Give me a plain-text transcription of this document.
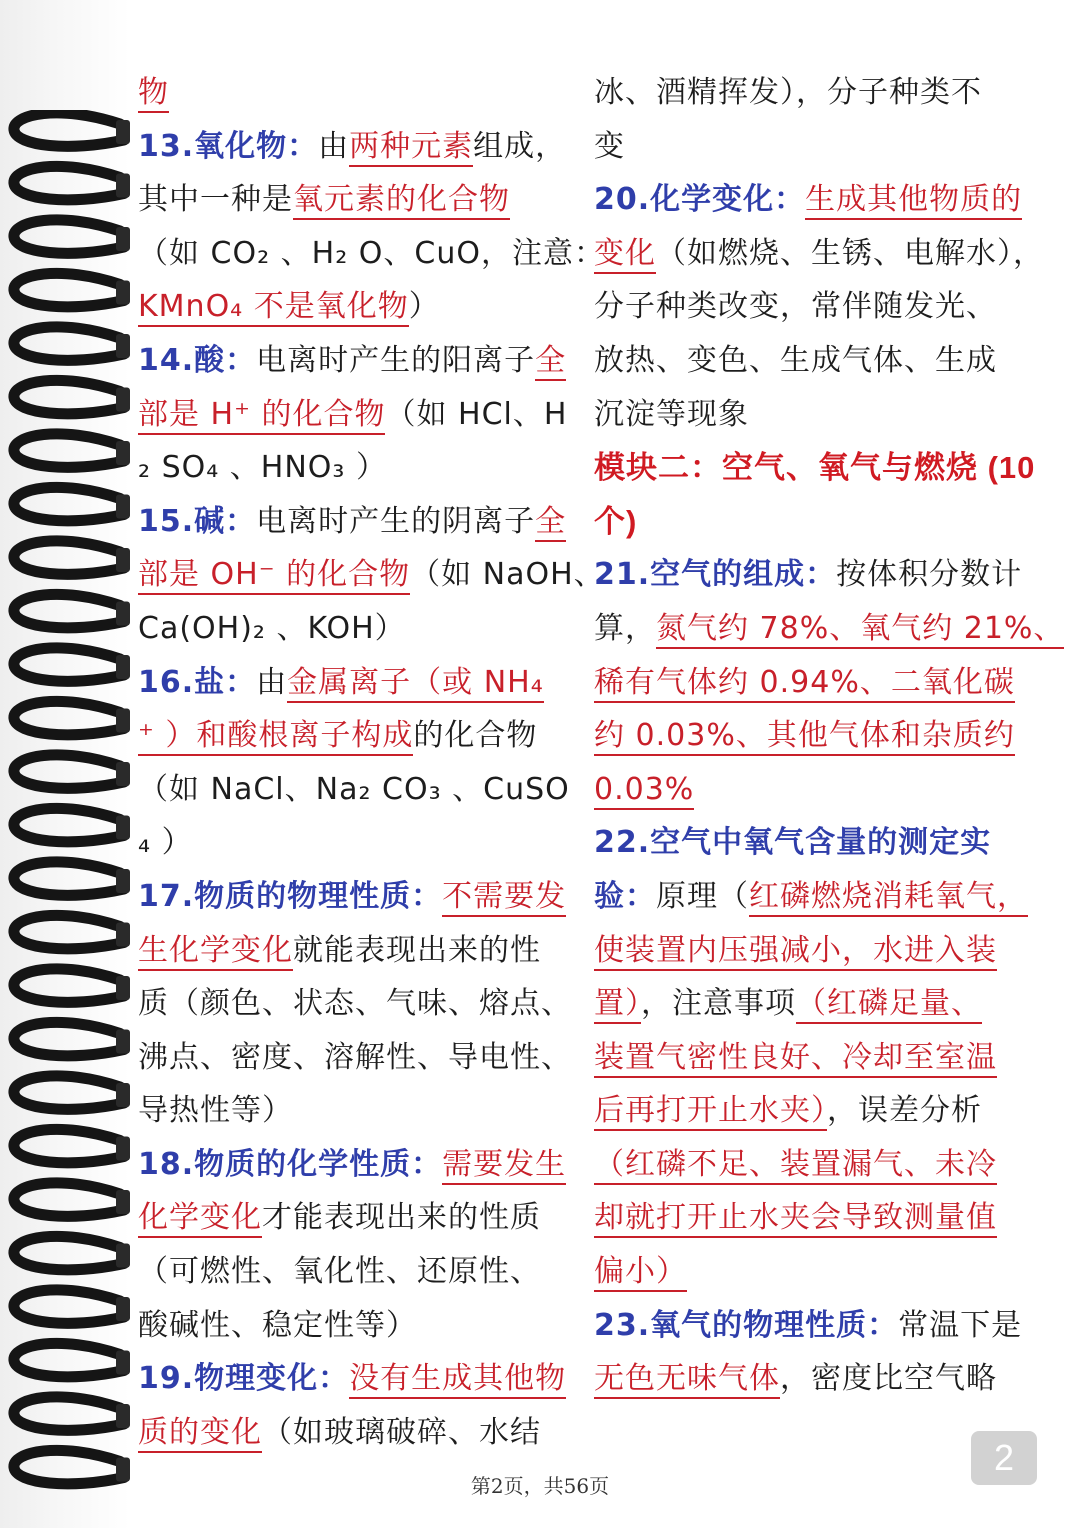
物
13.氧化物：由两种元素组成，
其中一种是氧元素的化合物
（如 CO₂ 、H₂ O、CuO，注意：
KMnO₄ 不是氧化物）
14.酸：电离时产生的阳离子全
部是 H⁺ 的化合物（如 HCl、H
₂ SO₄ 、HNO₃ ）
15.碱：电离时产生的阴离子全
部是 OH⁻ 的化合物（如 NaOH、
Ca(OH)₂ 、KOH）
16.盐：由金属离子（或 NH₄
⁺ ）和酸根离子构成的化合物
（如 NaCl、Na₂ CO₃ 、CuSO
₄ ）
17.物质的物理性质：不需要发
生化学变化就能表现出来的性
质（颜色、状态、气味、熔点、
沸点、密度、溶解性、导电性、
导热性等）
18.物质的化学性质：需要发生
化学变化才能表现出来的性质
（可燃性、氧化性、还原性、
酸碱性、稳定性等）
19.物理变化：没有生成其他物
质的变化（如玻璃破碎、水结
冰、酒精挥发），分子种类不
变
20.化学变化：生成其他物质的
变化（如燃烧、生锈、电解水），
分子种类改变，常伴随发光、
放热、变色、生成气体、生成
沉淀等现象
模块二：空气、氧气与燃烧 (10
个)
21.空气的组成：按体积分数计
算，氮气约 78%、氧气约 21%、
稀有气体约 0.94%、二氧化碳
约 0.03%、其他气体和杂质约
0.03%
22.空气中氧气含量的测定实
验：原理（红磷燃烧消耗氧气，
使装置内压强减小，水进入装
置），注意事项（红磷足量、
装置气密性良好、冷却至室温
后再打开止水夹），误差分析
（红磷不足、装置漏气、未冷
却就打开止水夹会导致测量值
偏小）
23.氧气的物理性质：常温下是
无色无味气体，密度比空气略
2
第2页，共56页
